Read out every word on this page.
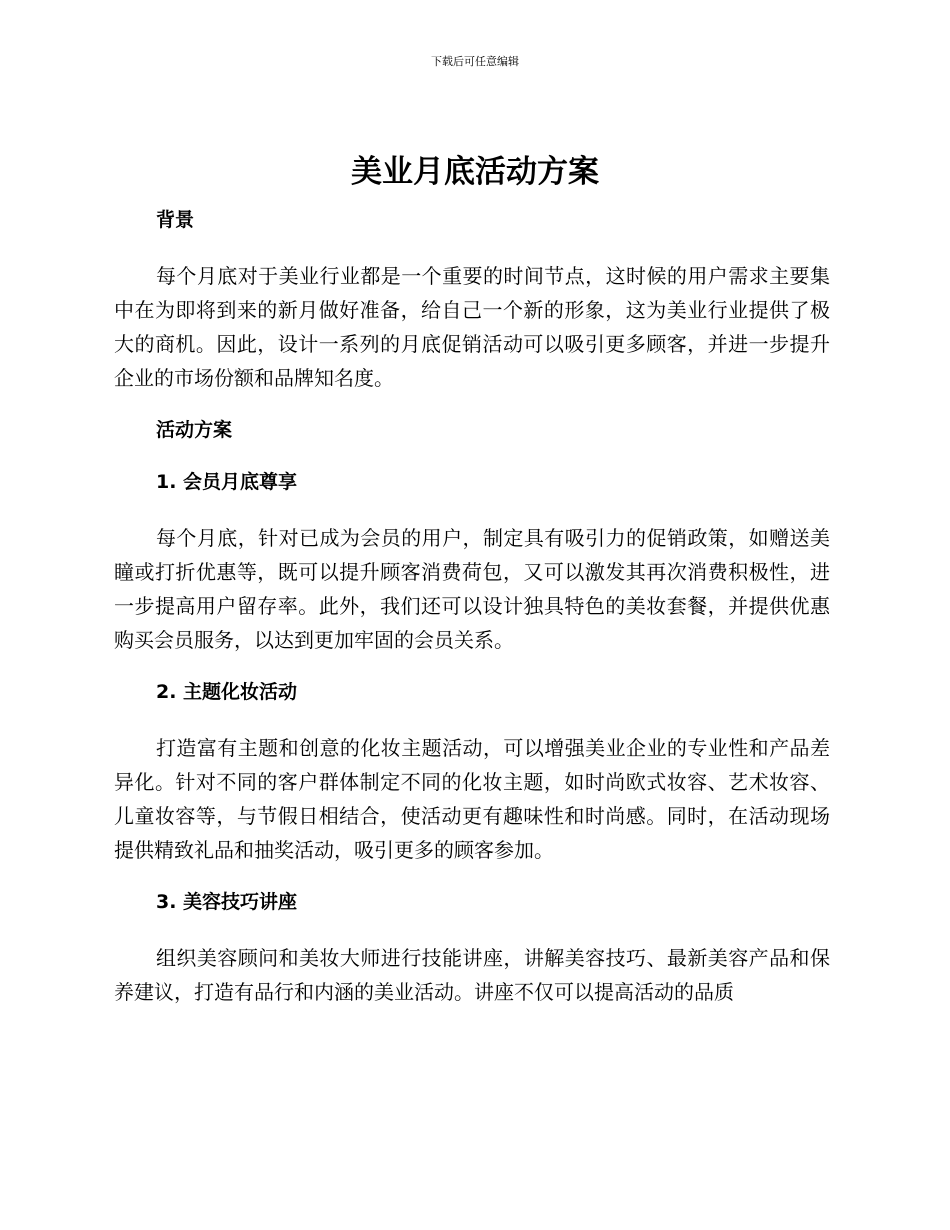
下载后可任意编辑
美业月底活动方案
背景

每个月底对于美业行业都是一个重要的时间节点，这时候的用户需求主要集中在为即将到来的新月做好准备，给自己一个新的形象，这为美业行业提供了极大的商机。因此，设计一系列的月底促销活动可以吸引更多顾客，并进一步提升企业的市场份额和品牌知名度。

活动方案
1. 会员月底尊享

每个月底，针对已成为会员的用户，制定具有吸引力的促销政策，如赠送美瞳或打折优惠等，既可以提升顾客消费荷包，又可以激发其再次消费积极性，进一步提高用户留存率。此外，我们还可以设计独具特色的美妆套餐，并提供优惠购买会员服务，以达到更加牢固的会员关系。

2. 主题化妆活动

打造富有主题和创意的化妆主题活动，可以增强美业企业的专业性和产品差异化。针对不同的客户群体制定不同的化妆主题，如时尚欧式妆容、艺术妆容、儿童妆容等，与节假日相结合，使活动更有趣味性和时尚感。同时，在活动现场提供精致礼品和抽奖活动，吸引更多的顾客参加。

3. 美容技巧讲座

组织美容顾问和美妆大师进行技能讲座，讲解美容技巧、最新美容产品和保养建议，打造有品行和内涵的美业活动。讲座不仅可以提高活动的品质
